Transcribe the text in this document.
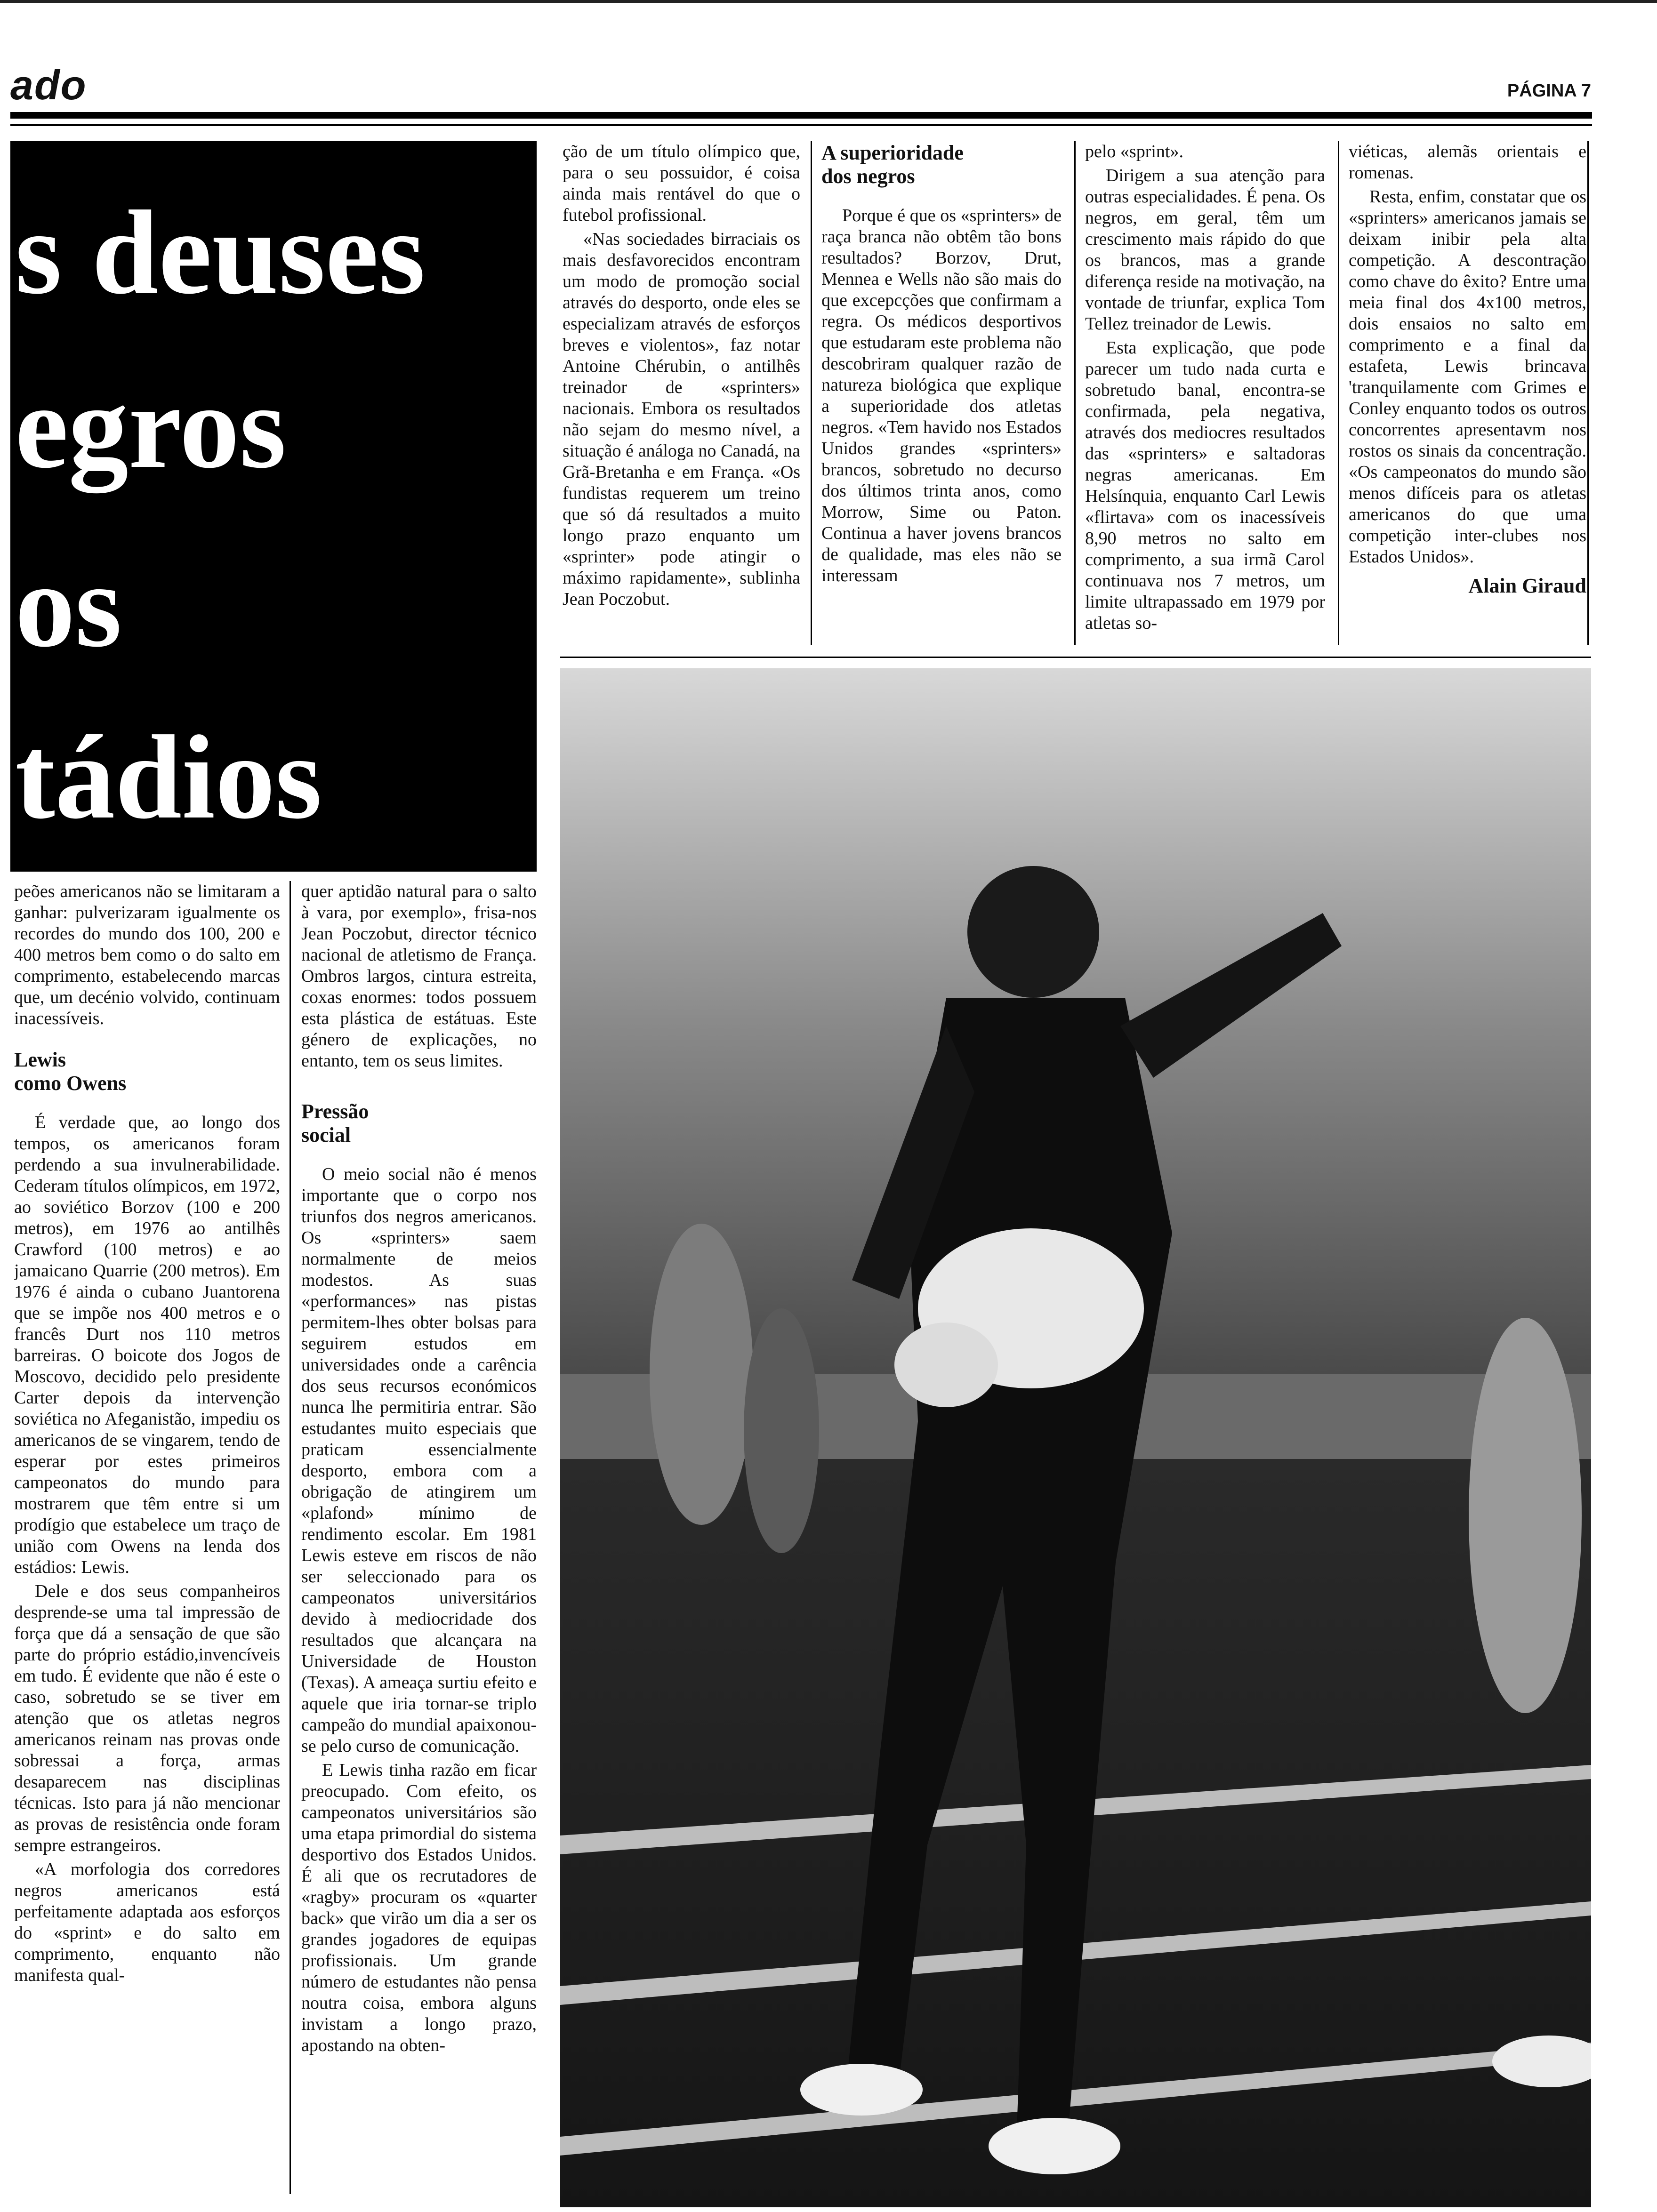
ado	PÁGINA 7
s deuses
egros
os
tádios

peões americanos não se limitaram a ganhar: pulverizaram igualmente os recordes do mundo dos 100, 200 e 400 metros bem como o do salto em comprimento, estabelecendo marcas que, um decénio volvido, continuam inacessíveis.

Lewis
como Owens

É verdade que, ao longo dos tempos, os americanos foram perdendo a sua invulnerabilidade. Cederam títulos olímpicos, em 1972, ao soviético Borzov (100 e 200 metros), em 1976 ao antilhês Crawford (100 metros) e ao jamaicano Quarrie (200 metros). Em 1976 é ainda o cubano Juantorena que se impõe nos 400 metros e o francês Durt nos 110 metros barreiras. O boicote dos Jogos de Moscovo, decidido pelo presidente Carter depois da intervenção soviética no Afeganistão, impediu os americanos de se vingarem, tendo de esperar por estes primeiros campeonatos do mundo para mostrarem que têm entre si um prodígio que estabelece um traço de união com Owens na lenda dos estádios: Lewis.

Dele e dos seus companheiros desprende-se uma tal impressão de força que dá a sensação de que são parte do próprio estádio,invencíveis em tudo. É evidente que não é este o caso, sobretudo se se tiver em atenção que os atletas negros americanos reinam nas provas onde sobressai a força, armas desaparecem nas disciplinas técnicas. Isto para já não mencionar as provas de resistência onde foram sempre estrangeiros.

«A morfologia dos corredores negros americanos está perfeitamente adaptada aos esforços do «sprint» e do salto em comprimento, enquanto não manifesta qual-

quer aptidão natural para o salto à vara, por exemplo», frisa-nos Jean Poczobut, director técnico nacional de atletismo de França. Ombros largos, cintura estreita, coxas enormes: todos possuem esta plástica de estátuas. Este género de explicações, no entanto, tem os seus limites.

Pressão
social

O meio social não é menos importante que o corpo nos triunfos dos negros americanos. Os «sprinters» saem normalmente de meios modestos. As suas «performances» nas pistas permitem-lhes obter bolsas para seguirem estudos em universidades onde a carência dos seus recursos económicos nunca lhe permitiria entrar. São estudantes muito especiais que praticam essencialmente desporto, embora com a obrigação de atingirem um «plafond» mínimo de rendimento escolar. Em 1981 Lewis esteve em riscos de não ser seleccionado para os campeonatos universitários devido à mediocridade dos resultados que alcançara na Universidade de Houston (Texas). A ameaça surtiu efeito e aquele que iria tornar-se triplo campeão do mundial apaixonou-se pelo curso de comunicação.

E Lewis tinha razão em ficar preocupado. Com efeito, os campeonatos universitários são uma etapa primordial do sistema desportivo dos Estados Unidos. É ali que os recrutadores de «ragby» procuram os «quarter back» que virão um dia a ser os grandes jogadores de equipas profissionais. Um grande número de estudantes não pensa noutra coisa, embora alguns invistam a longo prazo, apostando na obten-

ção de um título olímpico que, para o seu possuidor, é coisa ainda mais rentável do que o futebol profissional.

«Nas sociedades birraciais os mais desfavorecidos encontram um modo de promoção social através do desporto, onde eles se especializam através de esforços breves e violentos», faz notar Antoine Chérubin, o antilhês treinador de «sprinters» nacionais. Embora os resultados não sejam do mesmo nível, a situação é análoga no Canadá, na Grã-Bretanha e em França. «Os fundistas requerem um treino que só dá resultados a muito longo prazo enquanto um «sprinter» pode atingir o máximo rapidamente», sublinha Jean Poczobut.

A superioridade
dos negros

Porque é que os «sprinters» de raça branca não obtêm tão bons resultados? Borzov, Drut, Mennea e Wells não são mais do que excepcções que confirmam a regra. Os médicos desportivos que estudaram este problema não descobriram qualquer razão de natureza biológica que explique a superioridade dos atletas negros. «Tem havido nos Estados Unidos grandes «sprinters» brancos, sobretudo no decurso dos últimos trinta anos, como Morrow, Sime ou Paton. Continua a haver jovens brancos de qualidade, mas eles não se interessam

pelo «sprint».

Dirigem a sua atenção para outras especialidades. É pena. Os negros, em geral, têm um crescimento mais rápido do que os brancos, mas a grande diferença reside na motivação, na vontade de triunfar, explica Tom Tellez treinador de Lewis.

Esta explicação, que pode parecer um tudo nada curta e sobretudo banal, encontra-se confirmada, pela negativa, através dos mediocres resultados das «sprinters» e saltadoras negras americanas. Em Helsínquia, enquanto Carl Lewis «flirtava» com os inacessíveis 8,90 metros no salto em comprimento, a sua irmã Carol continuava nos 7 metros, um limite ultrapassado em 1979 por atletas so-

viéticas, alemãs orientais e romenas.

Resta, enfim, constatar que os «sprinters» americanos jamais se deixam inibir pela alta competição. A descontração como chave do êxito? Entre uma meia final dos 4x100 metros, dois ensaios no salto em comprimento e a final da estafeta, Lewis brincava 'tranquilamente com Grimes e Conley enquanto todos os outros concorrentes apresentavm nos rostos os sinais da concentração. «Os campeonatos do mundo são menos difíceis para os atletas americanos do que uma competição inter-clubes nos Estados Unidos».

Alain Giraud
